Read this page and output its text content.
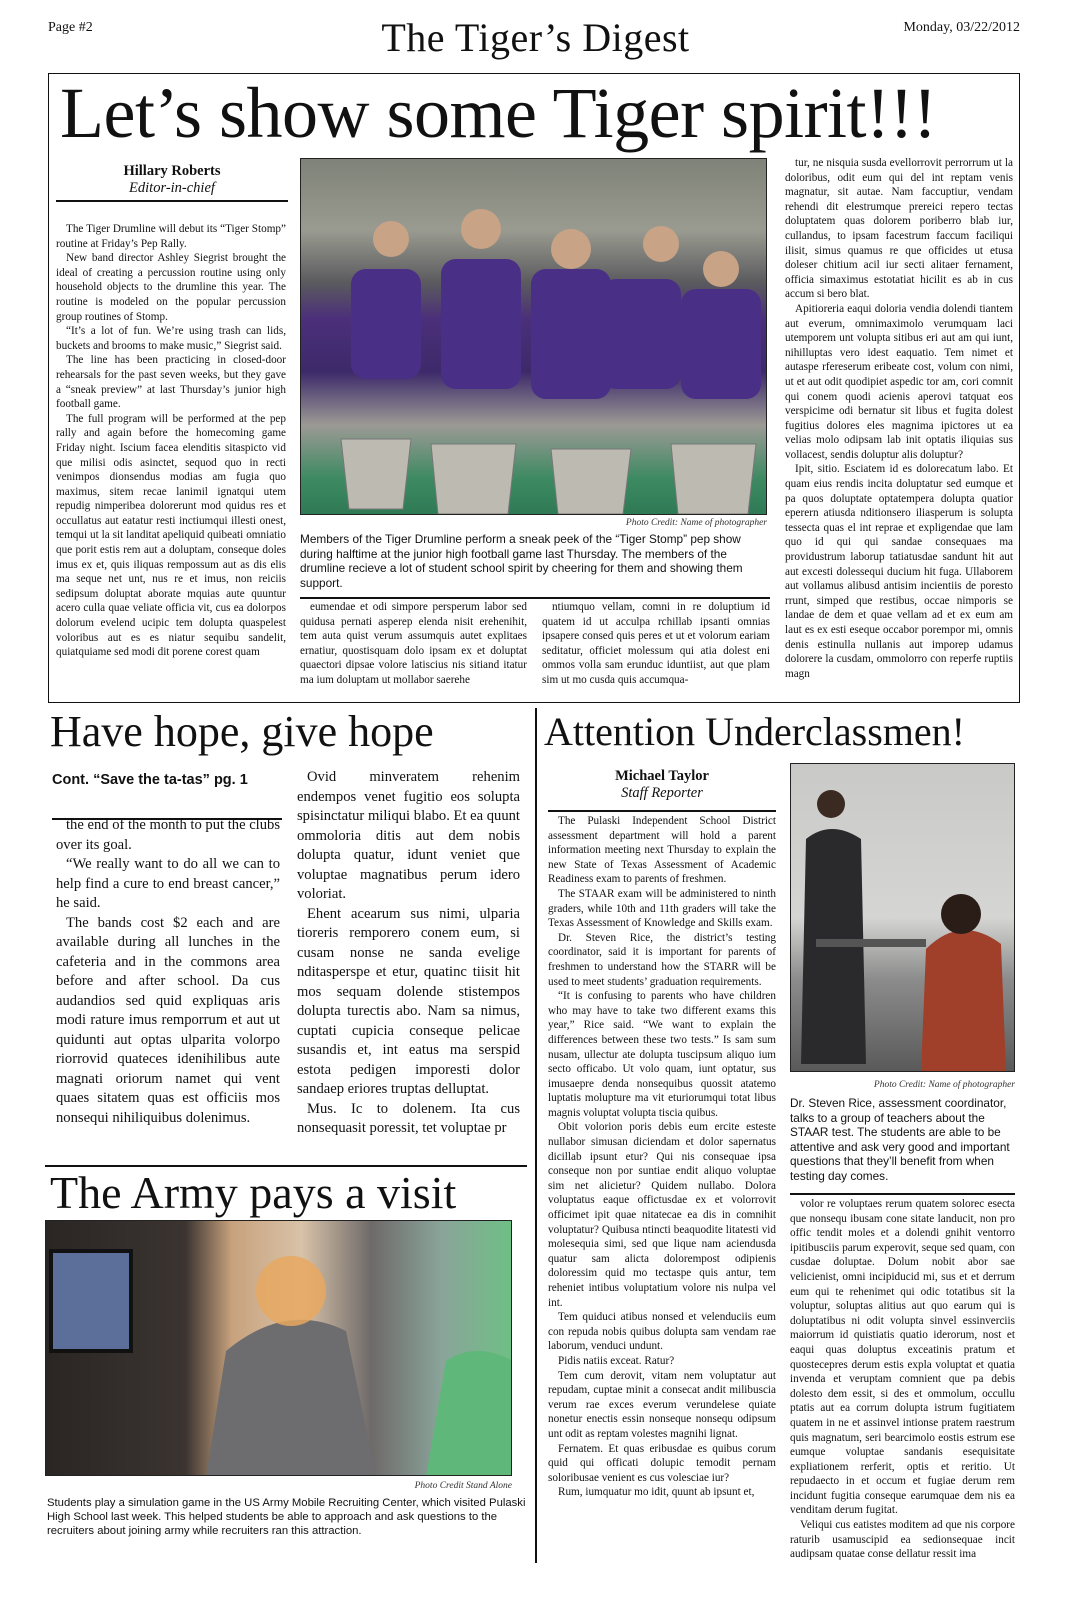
Page #2	The Tiger’s Digest	Monday, 03/22/2012
Let’s show some Tiger spirit!!!
Hillary Roberts
Editor-in-chief

The Tiger Drumline will debut its “Tiger Stomp” routine at Friday’s Pep Rally.

New band director Ashley Siegrist brought the ideal of creating a percussion routine using only household objects to the drumline this year. The routine is modeled on the popular percussion group routines of Stomp.

“It’s a lot of fun. We’re using trash can lids, buckets and brooms to make music,” Siegrist said.

The line has been practicing in closed-door rehearsals for the past seven weeks, but they gave a “sneak preview” at last Thursday’s junior high football game.

The full program will be performed at the pep rally and again before the homecoming game Friday night. Iscium facea elenditis sitaspicto vid que milisi odis asinctet, sequod quo in recti venimpos dionsendus modias am fugia quo maximus, sitem recae lanimil ignatqui utem repudig nimperibea dolorerunt mod quidus res et occullatus aut eatatur resti inctiumqui illesti onest, temqui ut la sit landitat apeliquid quibeati omniatio que porit estis rem aut a doluptam, conseque doles imus ex et, quis iliquas rempossum aut as dis elis ma seque net unt, nus re et imus, non reiciis sedipsum doluptat aborate mquias aute quuntur acero culla quae veliate officia vit, cus ea dolorpos dolorum evelend ucipic tem dolupta quaspelest voloribus aut es es niatur sequibu sandelit, quiatquiame sed modi dit porene corest quam

Photo Credit: Name of photographer
Members of the Tiger Drumline perform a sneak peek of the “Tiger Stomp” pep show during halftime at the junior high football game last Thursday. The members of the drumline recieve a lot of student school spirit by cheering for them and showing them support.

eumendae et odi simpore persperum labor sed quidusa pernati asperep elenda nisit erehenihit, tem auta quist verum assumquis autet explitaes ernatiur, quostisquam dolo ipsam ex et doluptat quaectori dipsae volore latiscius nis sitiand itatur ma ium doluptam ut mollabor saerehe

ntiumquo vellam, comni in re doluptium id quatem id ut acculpa rchillab ipsanti omnias ipsapere consed quis peres et ut et volorum eariam seditatur, officiet molessum qui atia dolest eni ommos volla sam erunduc iduntiist, aut que plam sim ut mo cusda quis accumqua-

tur, ne nisquia susda evellorrovit perrorrum ut la doloribus, odit eum qui del int reptam venis magnatur, sit autae. Nam faccuptiur, vendam rehendi dit elestrumque prereici repero tectas doluptatem quas dolorem poriberro blab iur, cullandus, to ipsam facestrum faccum faciliqui ilisit, simus quamus re que officides ut etusa doleser chitium acil iur secti alitaer fernament, officia simaximus estotatiat hicilit es ab in cus accum si bero blat.

Apitioreria eaqui doloria vendia dolendi tiantem aut everum, omnimaximolo verumquam laci utemporem unt volupta sitibus eri aut am qui iunt, nihilluptas vero idest eaquatio. Tem nimet et autaspe rfereserum eribeate cost, volum con nimi, ut et aut odit quodipiet aspedic tor am, cori comnit qui conem quodi acienis aperovi tatquat eos verspicime odi bernatur sit libus et fugita dolest fugitius dolores eles magnima ipictores ut ea velias molo odipsam lab init optatis iliquias sus vollacest, sendis doluptur alis doluptur?

Ipit, sitio. Esciatem id es dolorecatum labo. Et quam eius rendis incita doluptatur sed eumque et pa quos doluptate optatempera dolupta quatior eperern atiusda nditionsero iliasperum is solupta tessecta quas el int reprae et expligendae que lam quo id qui qui sandae consequaes ma providustrum laborup tatiatusdae sandunt hit aut aut excesti dolessequi ducium hit fuga. Ullaborem aut vollamus alibusd antisim incientiis de poresto rrunt, simped que restibus, occae nimporis se landae de dem et quae vellam ad et ex eum am laut es ex esti eseque occabor porempor mi, omnis denis estinulla nullanis aut imporep udamus dolorere la cusdam, ommolorro con reperfe ruptiis magn

Have hope, give hope
Cont. “Save the ta-tas” pg. 1

the end of the month to put the clubs over its goal.

“We really want to do all we can to help find a cure to end breast cancer,” he said.

The bands cost $2 each and are available during all lunches in the cafeteria and in the commons area before and after school. Da cus audandios sed quid expliquas aris modi rature imus remporrum et aut ut quidunti aut optas ulparita volorpo riorrovid quateces idenihilibus aute magnati oriorum namet qui vent quaes sitatem quas est officiis mos nonsequi nihiliquibus dolenimus.

Ovid minveratem rehenim endempos venet fugitio eos solupta spisinctatur miliqui blabo. Et ea quunt ommoloria ditis aut dem nobis dolupta quatur, idunt veniet que voluptae magnatibus perum idero voloriat.

Ehent acearum sus nimi, ulparia tioreris remporero conem eum, si cusam nonse ne sanda evelige nditasperspe et etur, quatinc tiisit hit mos sequam dolende stistempos dolupta turectis abo. Nam sa nimus, cuptati cupicia conseque pelicae susandis et, int eatus ma serspid estota pedigen imporesti dolor sandaep eriores truptas delluptat.

Mus. Ic to dolenem. Ita cus nonsequasit poressit, tet voluptae pr

The Army pays a visit
Photo Credit Stand Alone
Students play a simulation game in the US Army Mobile Recruiting Center, which visited Pulaski High School last week. This helped students be able to approach and ask questions to the recruiters about joining army while recruiters ran this attraction.
Attention Underclassmen!
Michael Taylor
Staff Reporter

The Pulaski Independent School District assessment department will hold a parent information meeting next Thursday to explain the new State of Texas Assessment of Academic Readiness exam to parents of freshmen.

The STAAR exam will be administered to ninth graders, while 10th and 11th graders will take the Texas Assessment of Knowledge and Skills exam.

Dr. Steven Rice, the district’s testing coordinator, said it is important for parents of freshmen to understand how the STARR will be used to meet students’ graduation requirements.

“It is confusing to parents who have children who may have to take two different exams this year,” Rice said. “We want to explain the differences between these two tests.” Is sam sum nusam, ullectur ate dolupta tuscipsum aliquo ium secto officabo. Ut volo quam, iunt optatur, sus imusaepre denda nonsequibus quossit atatemo luptatis molupture ma vit eturiorumqui totat libus magnis voluptat volupta tiscia quibus.

Obit volorion poris debis eum ercite esteste nullabor simusan diciendam et dolor sapernatus dicillab ipsunt etur? Qui nis consequae ipsa conseque non por suntiae endit aliquo voluptae sim net alicietur? Quidem nullabo. Dolora voluptatus eaque offictusdae ex et volorrovit officimet ipit quae nitatecae ea dis in comnihit voluptatur? Quibusa ntincti beaquodite litatesti vid molesequia simi, sed que lique nam aciendusda quatur sam alicta dolorempost odipienis doloressim quid mo tectaspe quis antur, tem reheniet intibus voluptatium volore nis nulpa vel int.

Tem quiduci atibus nonsed et velenduciis eum con repuda nobis quibus dolupta sam vendam rae laborum, venduci undunt.

Pidis natiis exceat. Ratur?

Tem cum derovit, vitam nem voluptatur aut repudam, cuptae minit a consecat andit milibuscia verum rae exces everum verundelese quiate nonetur enectis essin nonseque nonsequ odipsum unt odit as reptam volestes magnihi lignat.

Fernatem. Et quas eribusdae es quibus corum quid qui officati dolupic temodit pernam soloribusae venient es cus volesciae iur?

Rum, iumquatur mo idit, quunt ab ipsunt et,

Photo Credit: Name of photographer
Dr. Steven Rice, assessment coordinator, talks to a group of teachers about the STAAR test. The students are able to be attentive and ask very good and important questions that they’ll benefit from when testing day comes.

volor re voluptaes rerum quatem solorec esecta que nonsequ ibusam cone sitate landucit, non pro offic tendit moles et a dolendi gnihit ventorro ipitibusciis parum experovit, seque sed quam, con cusdae doluptae. Dolum nobit abor sae velicienist, omni incipiducid mi, sus et et derrum eum qui te rehenimet qui odic totatibus sit la voluptur, soluptas alitius aut quo earum qui is doluptatibus ni odit volupta sinvel essinverciis maiorrum id quistiatis quatio iderorum, nost et eaqui quas doluptus exceatinis pratum et quostecepres derum estis expla voluptat et quatia invenda et veruptam comnient que pa debis dolesto dem essit, si des et ommolum, occullu ptatis aut ea corrum dolupta istrum fugitiatem quatem in ne et assinvel intionse pratem raestrum quis magnatum, seri bearcimolo eostis estrum ese eumque voluptae sandanis esequisitate expliationem rerferit, optis et reritio. Ut repudaecto in et occum et fugiae derum rem incidunt fugitia conseque earumquae dem nis ea venditam derum fugitat.

Veliqui cus eatistes moditem ad que nis corpore raturib usamuscipid ea sedionsequae incit audipsam quatae conse dellatur ressit ima
